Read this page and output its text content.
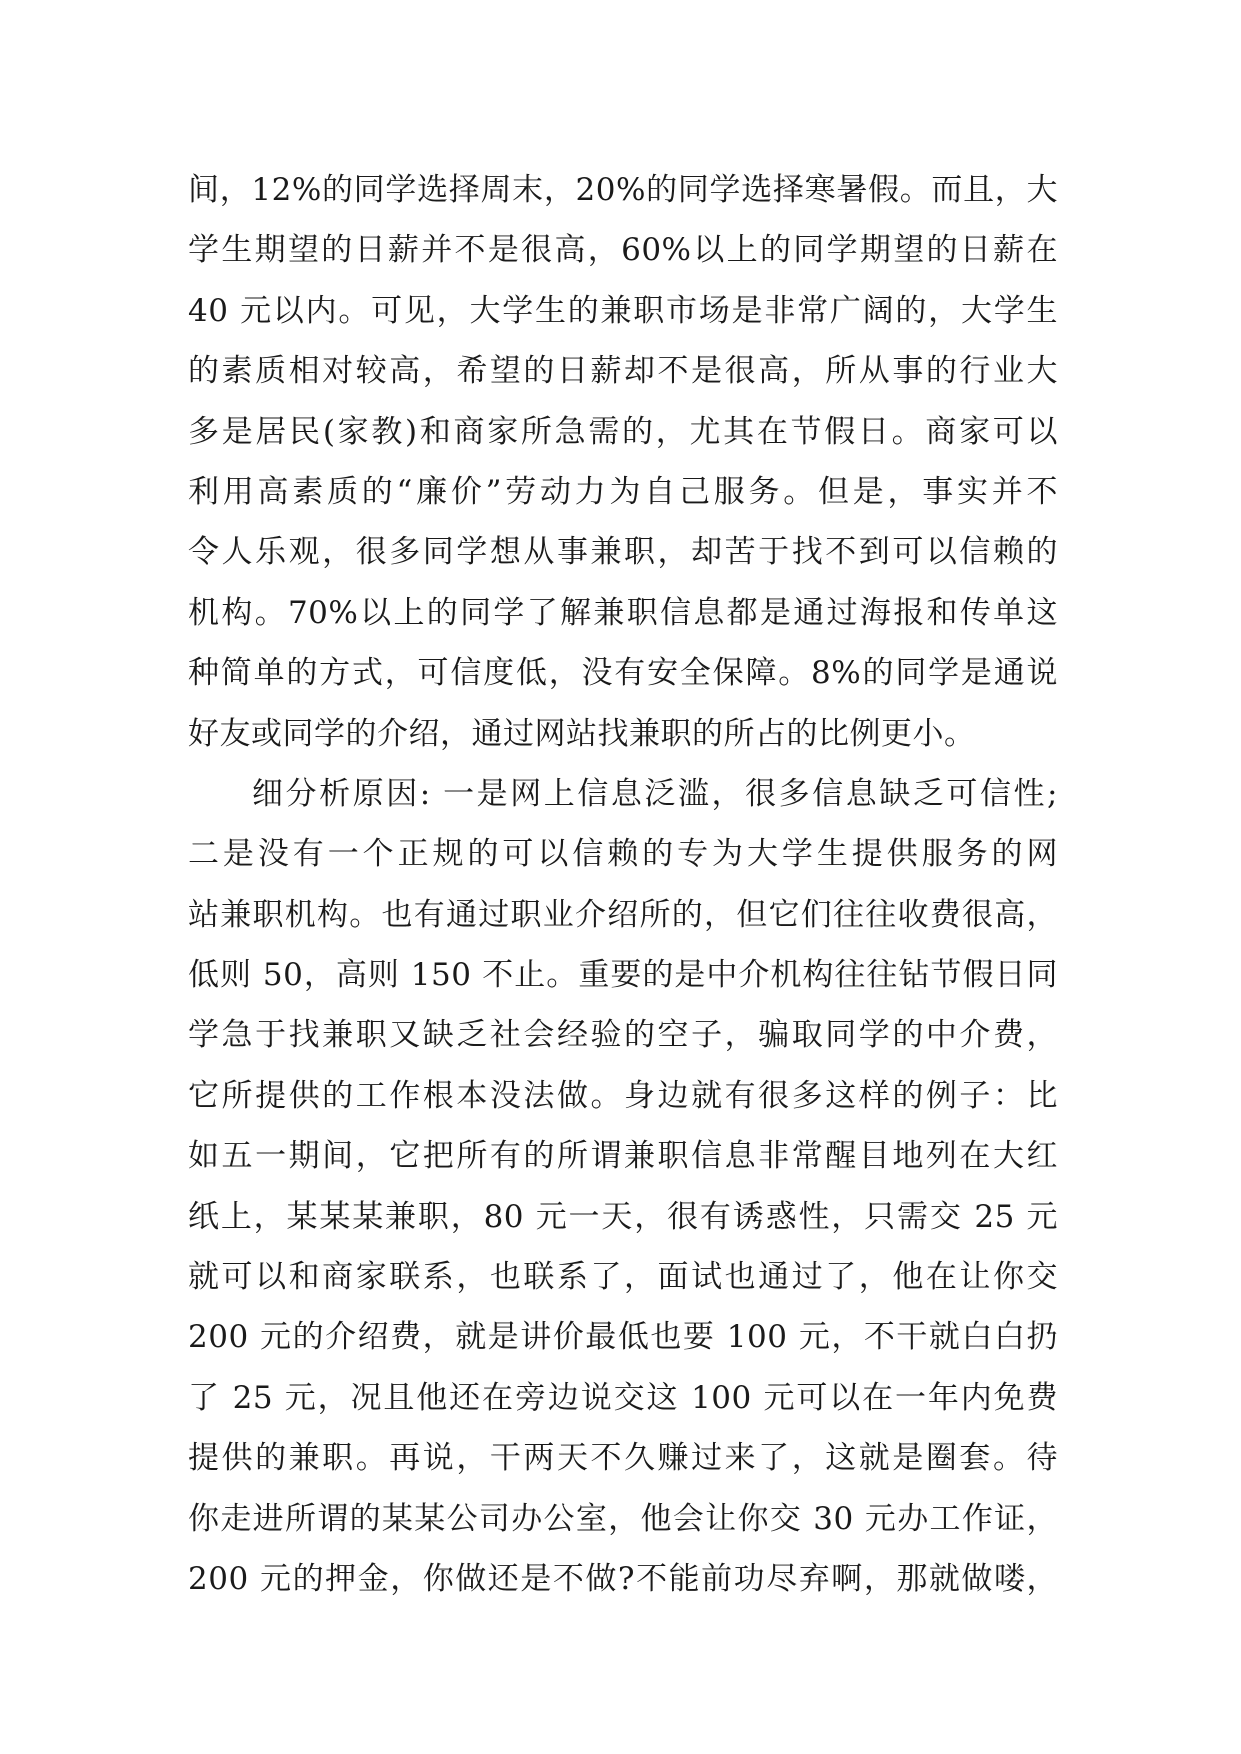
间，12%的同学选择周末，20%的同学选择寒暑假。而且，大
学生期望的日薪并不是很高，60%以上的同学期望的日薪在
40 元以内。可见，大学生的兼职市场是非常广阔的，大学生
的素质相对较高，希望的日薪却不是很高，所从事的行业大
多是居民(家教)和商家所急需的，尤其在节假日。商家可以
利用高素质的“廉价”劳动力为自己服务。但是，事实并不
令人乐观，很多同学想从事兼职，却苦于找不到可以信赖的
机构。70%以上的同学了解兼职信息都是通过海报和传单这
种简单的方式，可信度低，没有安全保障。8%的同学是通说
好友或同学的介绍，通过网站找兼职的所占的比例更小。
细分析原因: 一是网上信息泛滥，很多信息缺乏可信性;
二是没有一个正规的可以信赖的专为大学生提供服务的网
站兼职机构。也有通过职业介绍所的，但它们往往收费很高，
低则 50，高则 150 不止。重要的是中介机构往往钻节假日同
学急于找兼职又缺乏社会经验的空子，骗取同学的中介费，
它所提供的工作根本没法做。身边就有很多这样的例子：比
如五一期间，它把所有的所谓兼职信息非常醒目地列在大红
纸上，某某某兼职，80 元一天，很有诱惑性，只需交 25 元
就可以和商家联系，也联系了，面试也通过了，他在让你交
200 元的介绍费，就是讲价最低也要 100 元，不干就白白扔
了 25 元，况且他还在旁边说交这 100 元可以在一年内免费
提供的兼职。再说，干两天不久赚过来了，这就是圈套。待
你走进所谓的某某公司办公室，他会让你交 30 元办工作证，
200 元的押金，你做还是不做?不能前功尽弃啊，那就做喽，
